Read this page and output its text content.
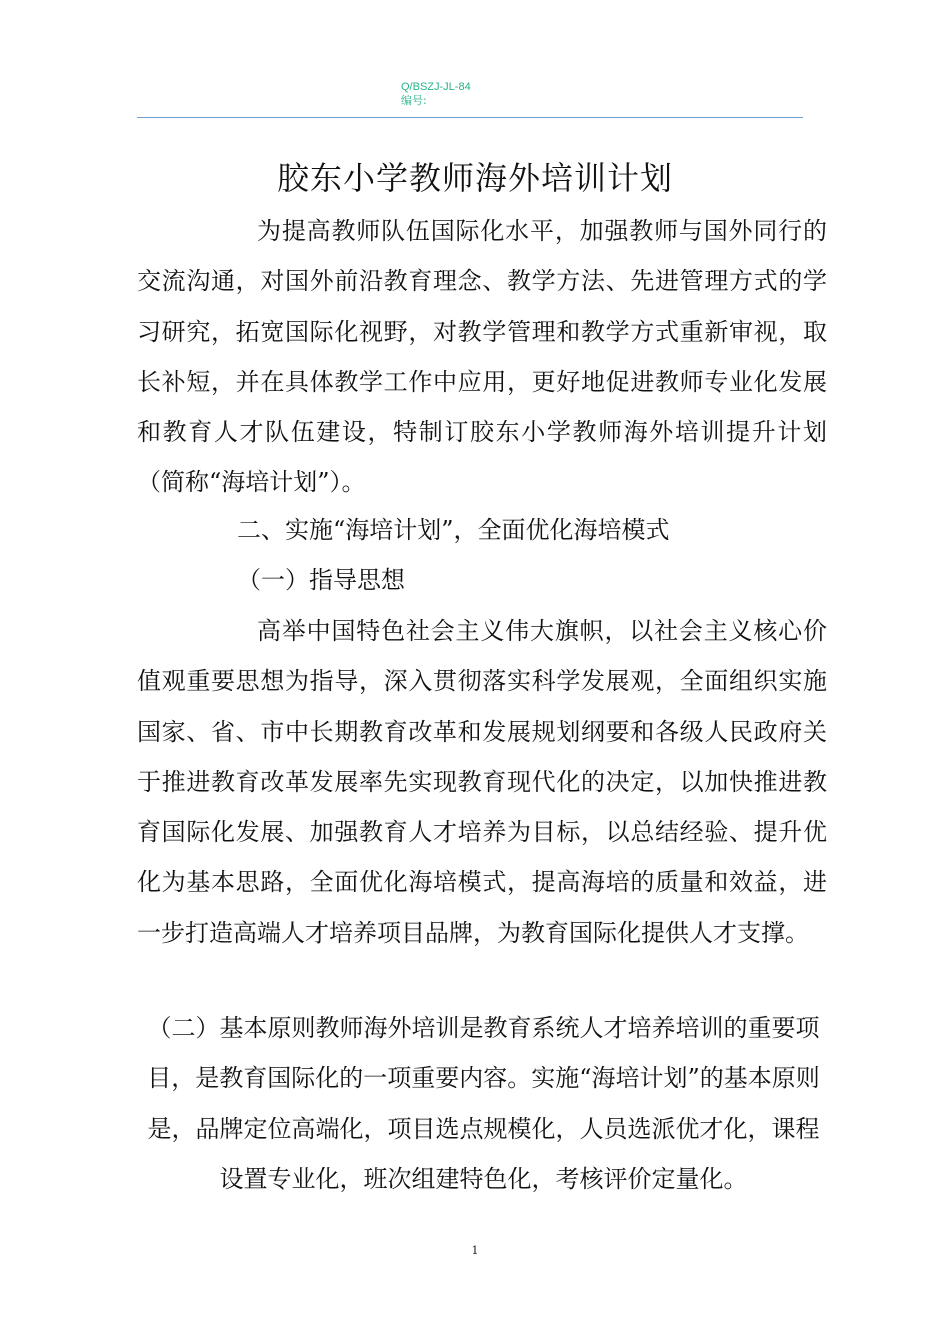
Q/BSZJ-JL-84
编号:
胶东小学教师海外培训计划
为提高教师队伍国际化水平，加强教师与国外同行的交流沟通，对国外前沿教育理念、教学方法、先进管理方式的学习研究，拓宽国际化视野，对教学管理和教学方式重新审视，取长补短，并在具体教学工作中应用，更好地促进教师专业化发展和教育人才队伍建设，特制订胶东小学教师海外培训提升计划（简称“海培计划”）。
二、实施“海培计划”，全面优化海培模式
（一）指导思想
高举中国特色社会主义伟大旗帜，以社会主义核心价值观重要思想为指导，深入贯彻落实科学发展观，全面组织实施国家、省、市中长期教育改革和发展规划纲要和各级人民政府关于推进教育改革发展率先实现教育现代化的决定，以加快推进教育国际化发展、加强教育人才培养为目标，以总结经验、提升优化为基本思路，全面优化海培模式，提高海培的质量和效益，进一步打造高端人才培养项目品牌，为教育国际化提供人才支撑。
（二）基本原则教师海外培训是教育系统人才培养培训的重要项目，是教育国际化的一项重要内容。实施“海培计划”的基本原则是，品牌定位高端化，项目选点规模化，人员选派优才化，课程设置专业化，班次组建特色化，考核评价定量化。
1
